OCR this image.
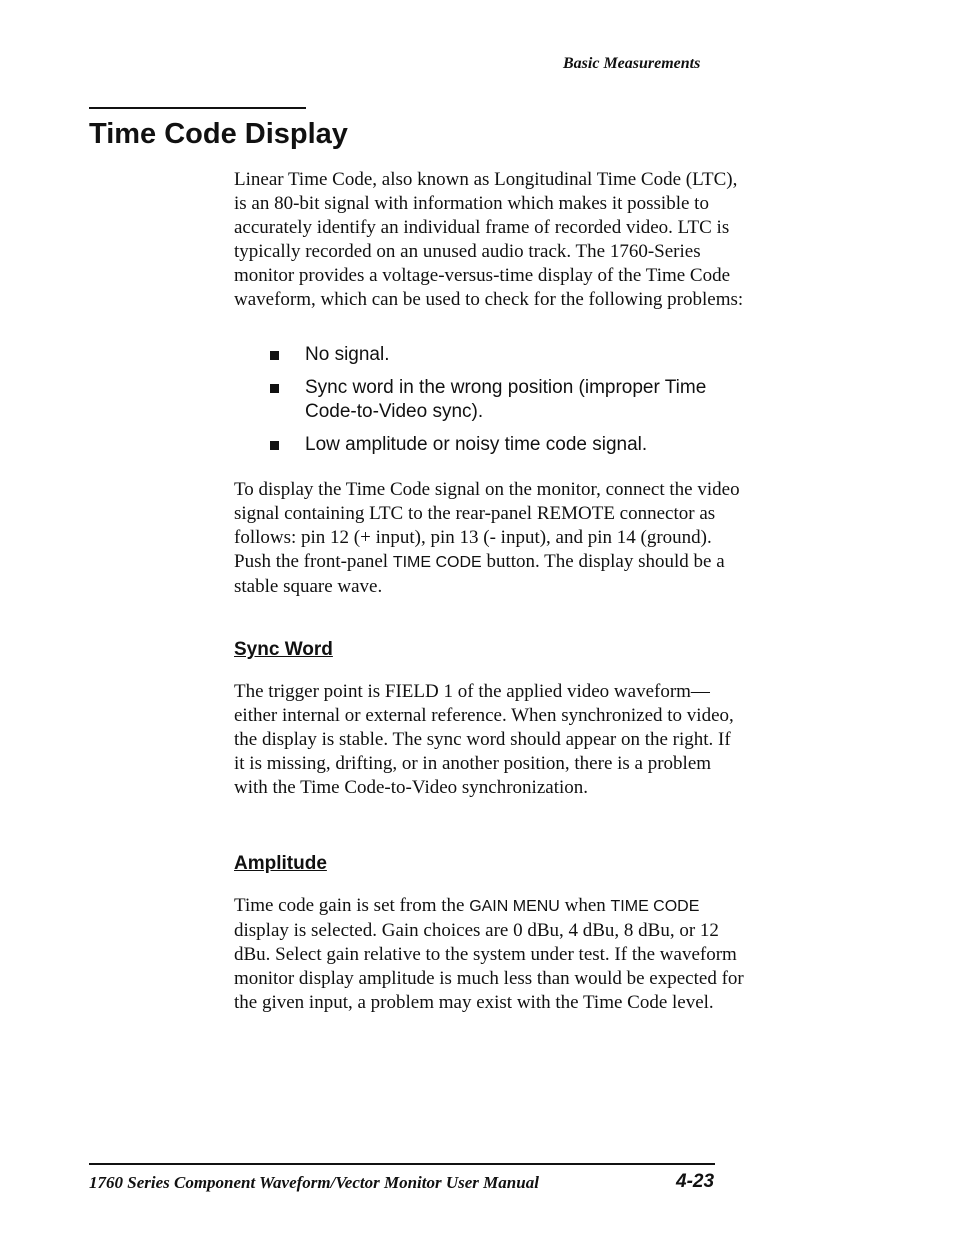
Basic Measurements
Time Code Display

Linear Time Code, also known as Longitudinal Time Code (LTC), is an 80-bit signal with information which makes it possible to accurately identify an individual frame of recorded video. LTC is typically recorded on an unused audio track. The 1760-Series monitor provides a voltage-versus-time display of the Time Code waveform, which can be used to check for the following problems:

No signal.
Sync word in the wrong position (improper Time Code-to-Video sync).
Low amplitude or noisy time code signal.

To display the Time Code signal on the monitor, connect the video signal containing LTC to the rear-panel REMOTE connector as follows: pin 12 (+ input), pin 13 (- input), and pin 14 (ground). Push the front-panel TIME CODE button. The display should be a stable square wave.

Sync Word

The trigger point is FIELD 1 of the applied video waveform—either internal or external reference. When synchronized to video, the display is stable. The sync word should appear on the right. If it is missing, drifting, or in another position, there is a problem with the Time Code-to-Video synchronization.

Amplitude

Time code gain is set from the GAIN MENU when TIME CODE display is selected. Gain choices are 0 dBu, 4 dBu, 8 dBu, or 12 dBu. Select gain relative to the system under test. If the waveform monitor display amplitude is much less than would be expected for the given input, a problem may exist with the Time Code level.

1760 Series Component Waveform/Vector Monitor User Manual	4-23
